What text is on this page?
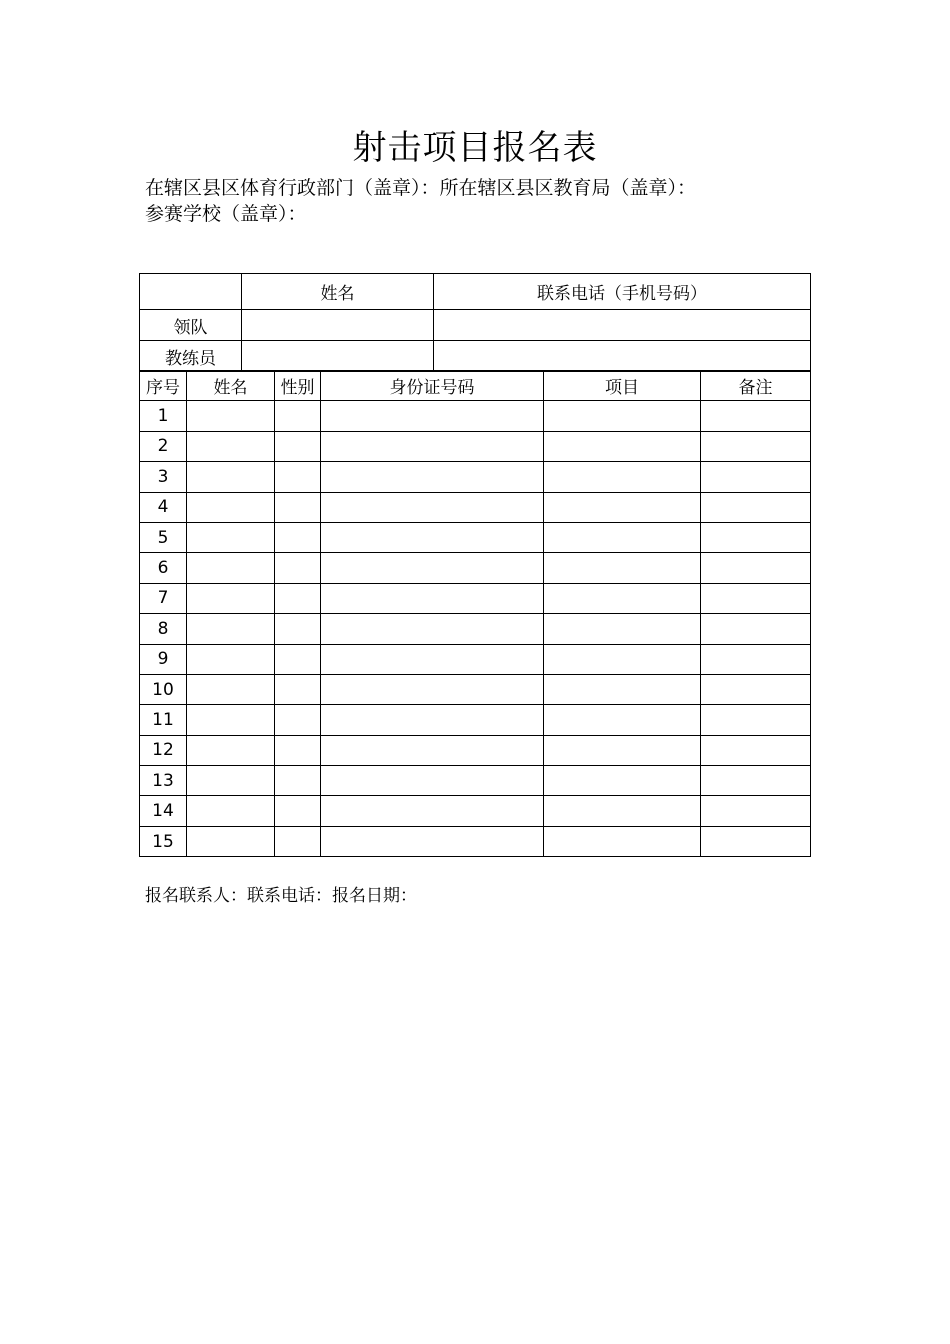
射击项目报名表
在辖区县区体育行政部门（盖章）：所在辖区县区教育局（盖章）：
参赛学校（盖章）：
	姓名	联系电话（手机号码）
领队		
教练员		
序号	姓名	性别	身份证号码	项目	备注
1					
2					
3					
4					
5					
6					
7					
8					
9					
10					
11					
12					
13					
14					
15					
报名联系人：联系电话：报名日期：
